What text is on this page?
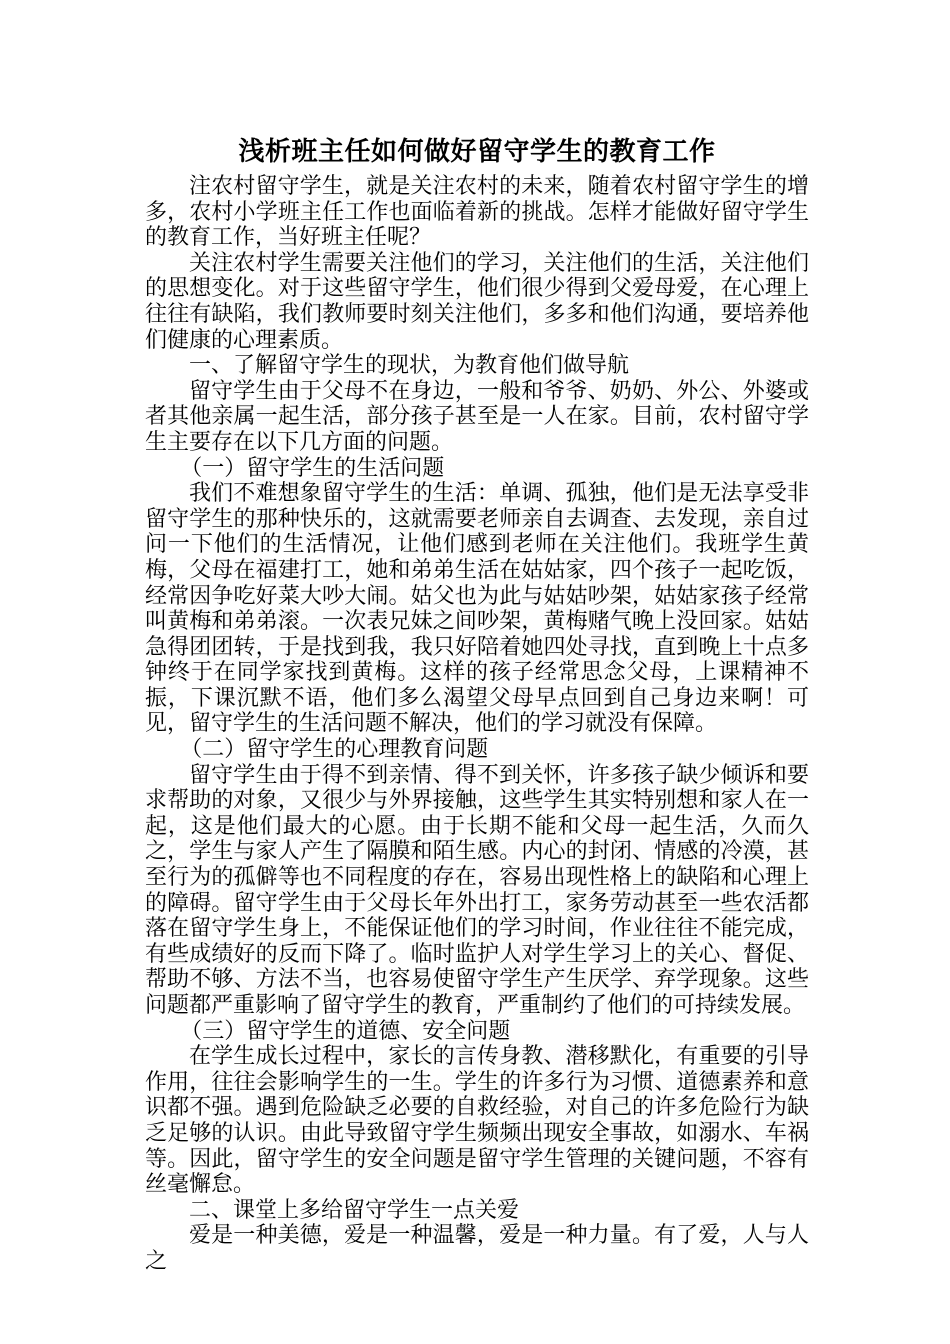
浅析班主任如何做好留守学生的教育工作

注农村留守学生，就是关注农村的未来，随着农村留守学生的增多，农村小学班主任工作也面临着新的挑战。怎样才能做好留守学生的教育工作，当好班主任呢？

关注农村学生需要关注他们的学习，关注他们的生活，关注他们的思想变化。对于这些留守学生，他们很少得到父爱母爱，在心理上往往有缺陷，我们教师要时刻关注他们，多多和他们沟通，要培养他们健康的心理素质。

一、了解留守学生的现状，为教育他们做导航

留守学生由于父母不在身边，一般和爷爷、奶奶、外公、外婆或者其他亲属一起生活，部分孩子甚至是一人在家。目前，农村留守学生主要存在以下几方面的问题。

（一）留守学生的生活问题

我们不难想象留守学生的生活：单调、孤独，他们是无法享受非留守学生的那种快乐的，这就需要老师亲自去调查、去发现，亲自过问一下他们的生活情况，让他们感到老师在关注他们。我班学生黄梅，父母在福建打工，她和弟弟生活在姑姑家，四个孩子一起吃饭，经常因争吃好菜大吵大闹。姑父也为此与姑姑吵架，姑姑家孩子经常叫黄梅和弟弟滚。一次表兄妹之间吵架，黄梅赌气晚上没回家。姑姑急得团团转，于是找到我，我只好陪着她四处寻找，直到晚上十点多钟终于在同学家找到黄梅。这样的孩子经常思念父母，上课精神不振，下课沉默不语，他们多么渴望父母早点回到自己身边来啊！可见，留守学生的生活问题不解决，他们的学习就没有保障。

（二）留守学生的心理教育问题

留守学生由于得不到亲情、得不到关怀，许多孩子缺少倾诉和要求帮助的对象，又很少与外界接触，这些学生其实特别想和家人在一起，这是他们最大的心愿。由于长期不能和父母一起生活，久而久之，学生与家人产生了隔膜和陌生感。内心的封闭、情感的冷漠，甚至行为的孤僻等也不同程度的存在，容易出现性格上的缺陷和心理上的障碍。留守学生由于父母长年外出打工，家务劳动甚至一些农活都落在留守学生身上，不能保证他们的学习时间，作业往往不能完成，有些成绩好的反而下降了。临时监护人对学生学习上的关心、督促、帮助不够、方法不当，也容易使留守学生产生厌学、弃学现象。这些问题都严重影响了留守学生的教育，严重制约了他们的可持续发展。

（三）留守学生的道德、安全问题

在学生成长过程中，家长的言传身教、潜移默化，有重要的引导作用，往往会影响学生的一生。学生的许多行为习惯、道德素养和意识都不强。遇到危险缺乏必要的自救经验，对自己的许多危险行为缺乏足够的认识。由此导致留守学生频频出现安全事故，如溺水、车祸等。因此，留守学生的安全问题是留守学生管理的关键问题，不容有丝毫懈怠。

二、课堂上多给留守学生一点关爱

爱是一种美德，爱是一种温馨，爱是一种力量。有了爱，人与人之
